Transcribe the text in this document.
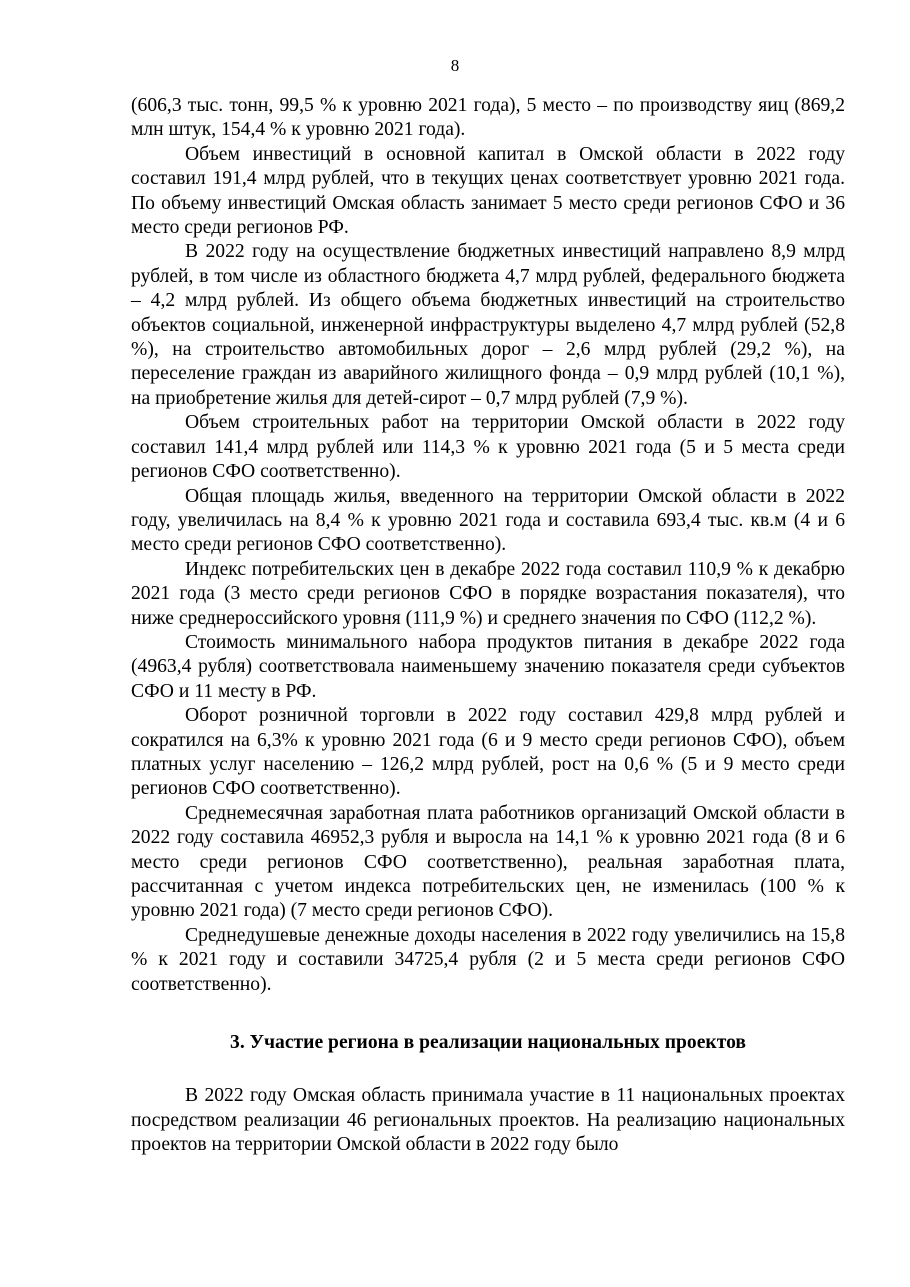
8

(606,3 тыс. тонн, 99,5 % к уровню 2021 года), 5 место – по производству яиц (869,2 млн штук, 154,4 % к уровню 2021 года).

Объем инвестиций в основной капитал в Омской области в 2022 году составил 191,4 млрд рублей, что в текущих ценах соответствует уровню 2021 года. По объему инвестиций Омская область занимает 5 место среди регионов СФО и 36 место среди регионов РФ.

В 2022 году на осуществление бюджетных инвестиций направлено 8,9 млрд рублей, в том числе из областного бюджета 4,7 млрд рублей, федерального бюджета – 4,2 млрд рублей. Из общего объема бюджетных инвестиций на строительство объектов социальной, инженерной инфраструктуры выделено 4,7 млрд рублей (52,8 %), на строительство автомобильных дорог – 2,6 млрд рублей (29,2 %), на переселение граждан из аварийного жилищного фонда – 0,9 млрд рублей (10,1 %), на приобретение жилья для детей-сирот – 0,7 млрд рублей (7,9 %).

Объем строительных работ на территории Омской области в 2022 году составил 141,4 млрд рублей или 114,3 % к уровню 2021 года (5 и 5 места среди регионов СФО соответственно).

Общая площадь жилья, введенного на территории Омской области в 2022 году, увеличилась на 8,4 % к уровню 2021 года и составила 693,4 тыс. кв.м (4 и 6 место среди регионов СФО соответственно).

Индекс потребительских цен в декабре 2022 года составил 110,9 % к декабрю 2021 года (3 место среди регионов СФО в порядке возрастания показателя), что ниже среднероссийского уровня (111,9 %) и среднего значения по СФО (112,2 %).

Стоимость минимального набора продуктов питания в декабре 2022 года (4963,4 рубля) соответствовала наименьшему значению показателя среди субъектов СФО и 11 месту в РФ.

Оборот розничной торговли в 2022 году составил 429,8 млрд рублей и сократился на 6,3% к уровню 2021 года (6 и 9 место среди регионов СФО), объем платных услуг населению – 126,2 млрд рублей, рост на 0,6 % (5 и 9 место среди регионов СФО соответственно).

Среднемесячная заработная плата работников организаций Омской области в 2022 году составила 46952,3 рубля и выросла на 14,1 % к уровню 2021 года (8 и 6 место среди регионов СФО соответственно), реальная заработная плата, рассчитанная с учетом индекса потребительских цен, не изменилась (100 % к уровню 2021 года) (7 место среди регионов СФО).

Среднедушевые денежные доходы населения в 2022 году увеличились на 15,8 % к 2021 году и составили 34725,4 рубля (2 и 5 места среди регионов СФО соответственно).

3. Участие региона в реализации национальных проектов

В 2022 году Омская область принимала участие в 11 национальных проектах посредством реализации 46 региональных проектов. На реализацию национальных проектов на территории Омской области в 2022 году было
